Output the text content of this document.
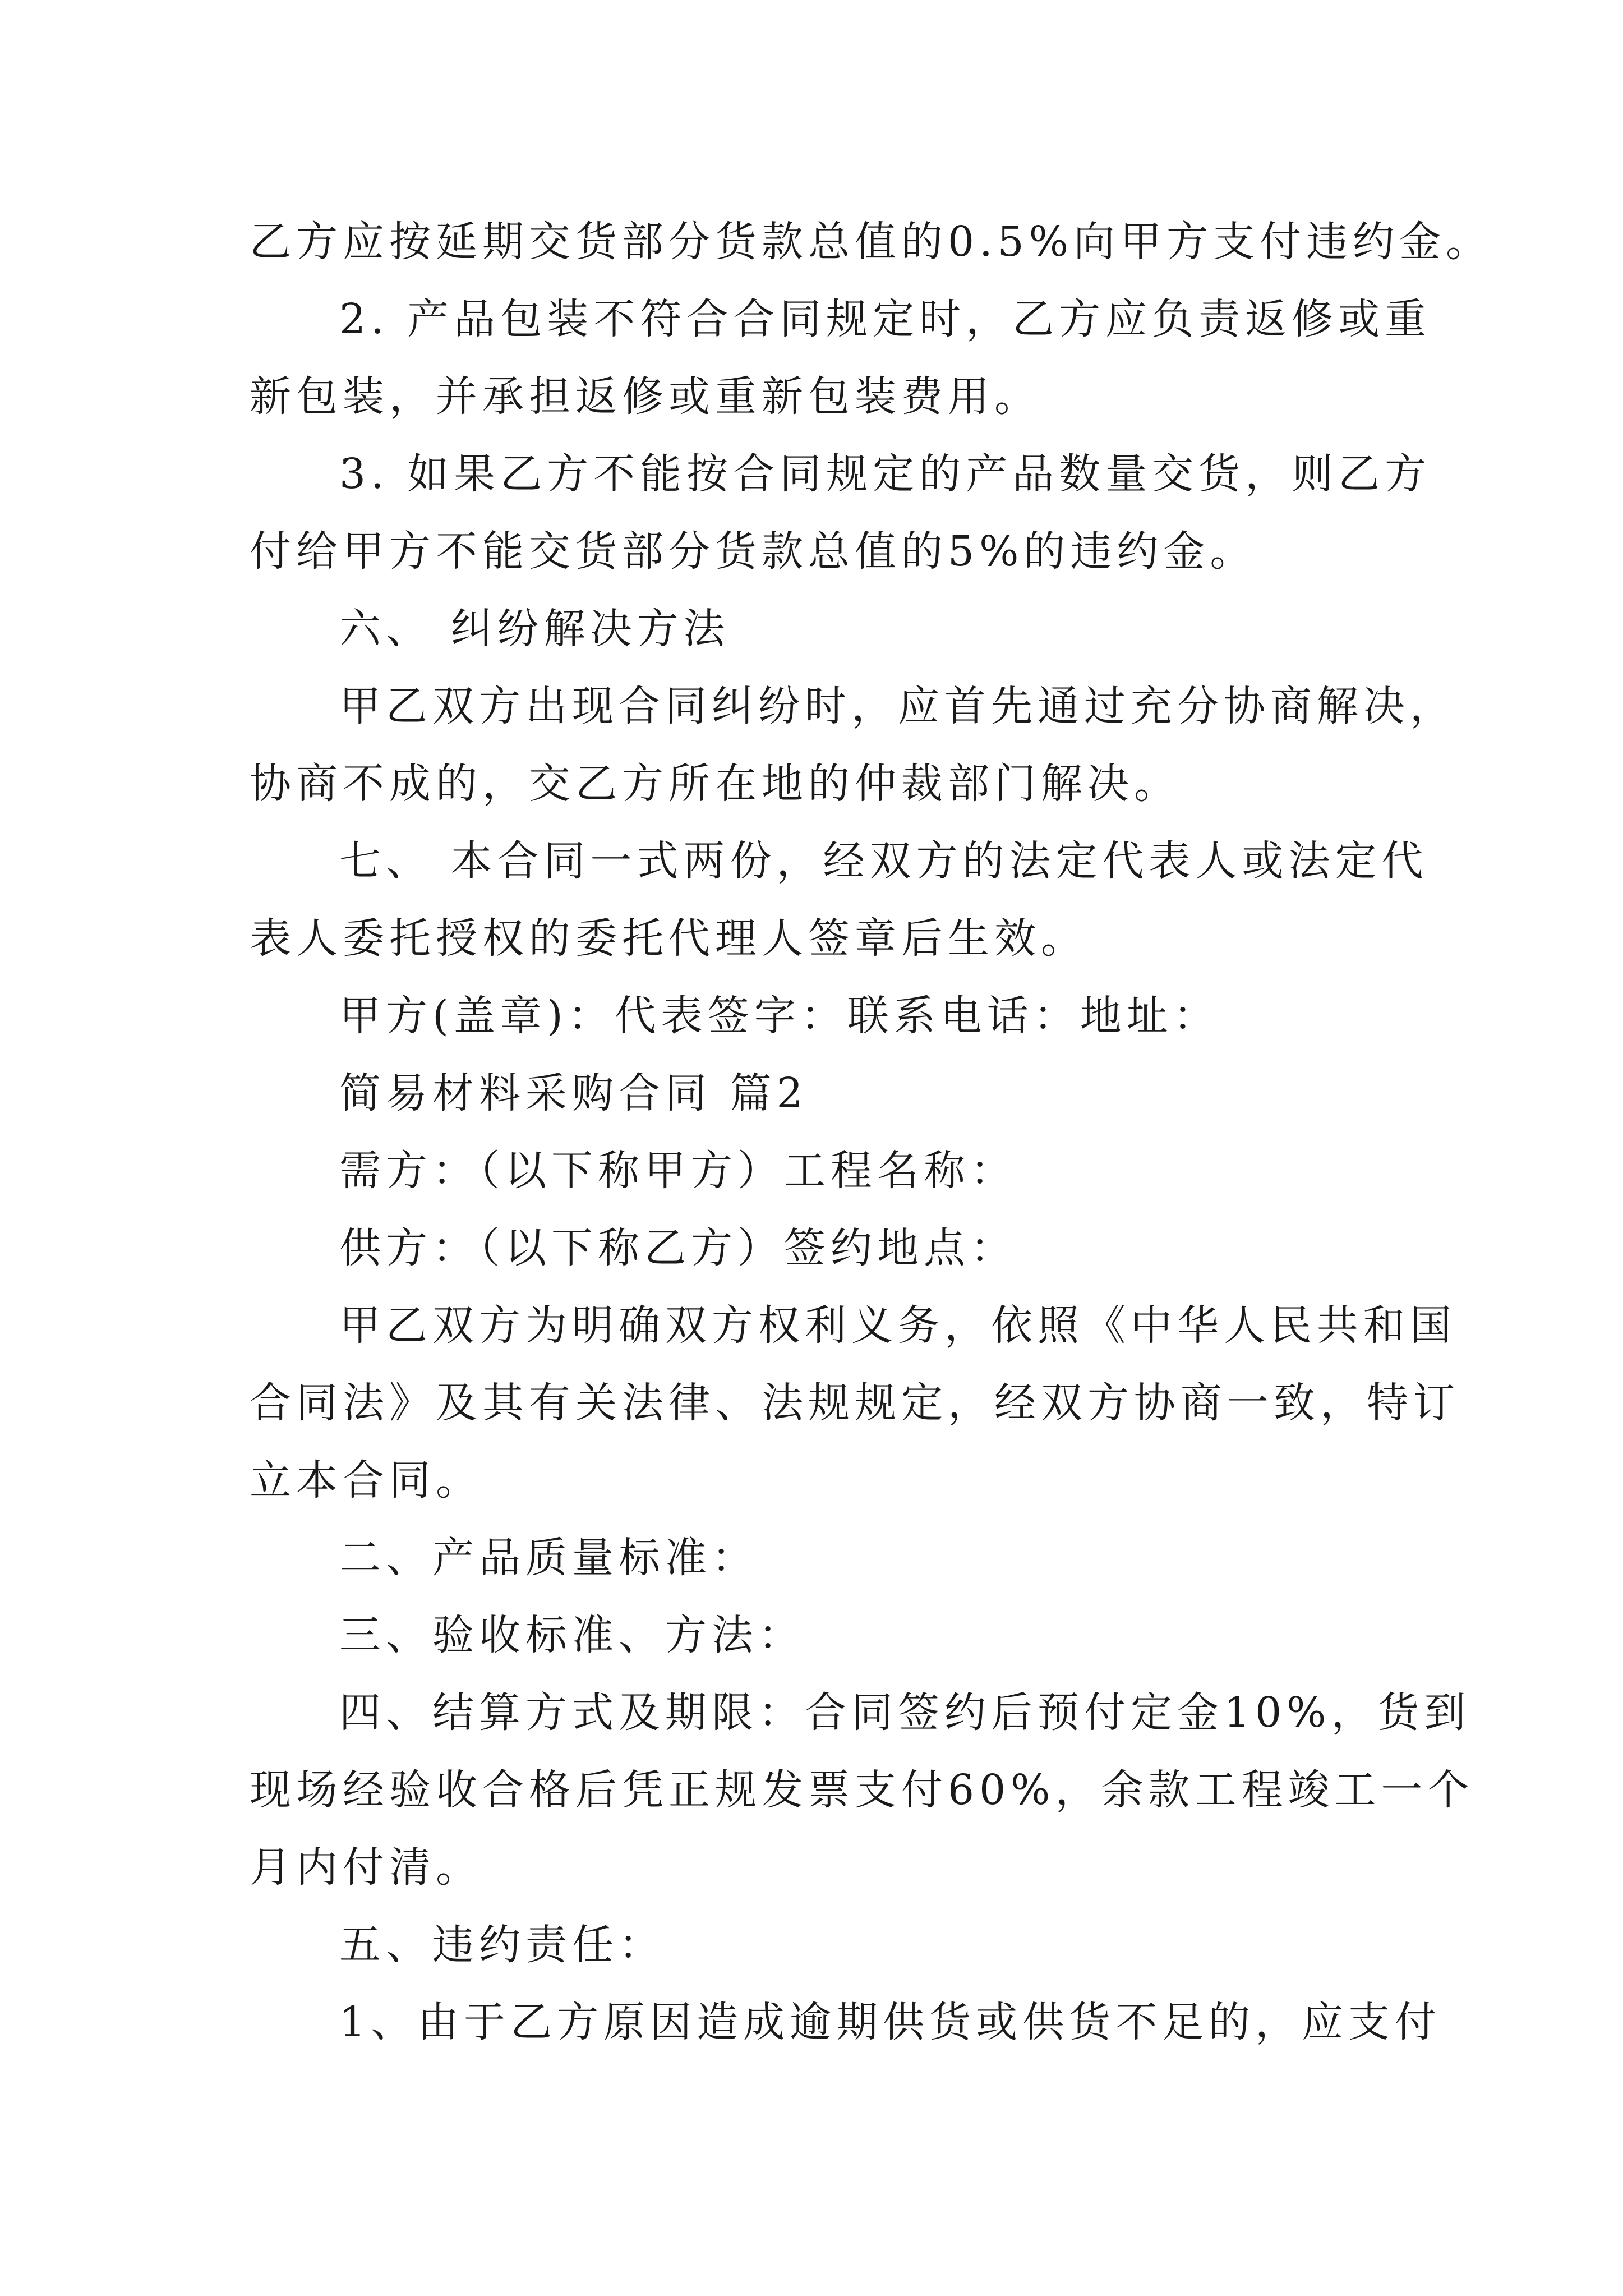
乙方应按延期交货部分货款总值的0.5%向甲方支付违约金。

2. 产品包装不符合合同规定时，乙方应负责返修或重
新包装，并承担返修或重新包装费用。

3. 如果乙方不能按合同规定的产品数量交货，则乙方
付给甲方不能交货部分货款总值的5%的违约金。

六、 纠纷解决方法

甲乙双方出现合同纠纷时，应首先通过充分协商解决，
协商不成的，交乙方所在地的仲裁部门解决。

七、 本合同一式两份，经双方的法定代表人或法定代
表人委托授权的委托代理人签章后生效。

甲方(盖章)：代表签字：联系电话：地址：

简易材料采购合同 篇2

需方：（以下称甲方）工程名称：

供方：（以下称乙方）签约地点：

甲乙双方为明确双方权利义务，依照《中华人民共和国
合同法》及其有关法律、法规规定，经双方协商一致，特订
立本合同。

二、产品质量标准：

三、验收标准、方法：

四、结算方式及期限：合同签约后预付定金10%，货到
现场经验收合格后凭正规发票支付60%，余款工程竣工一个
月内付清。

五、违约责任：

1、由于乙方原因造成逾期供货或供货不足的，应支付
